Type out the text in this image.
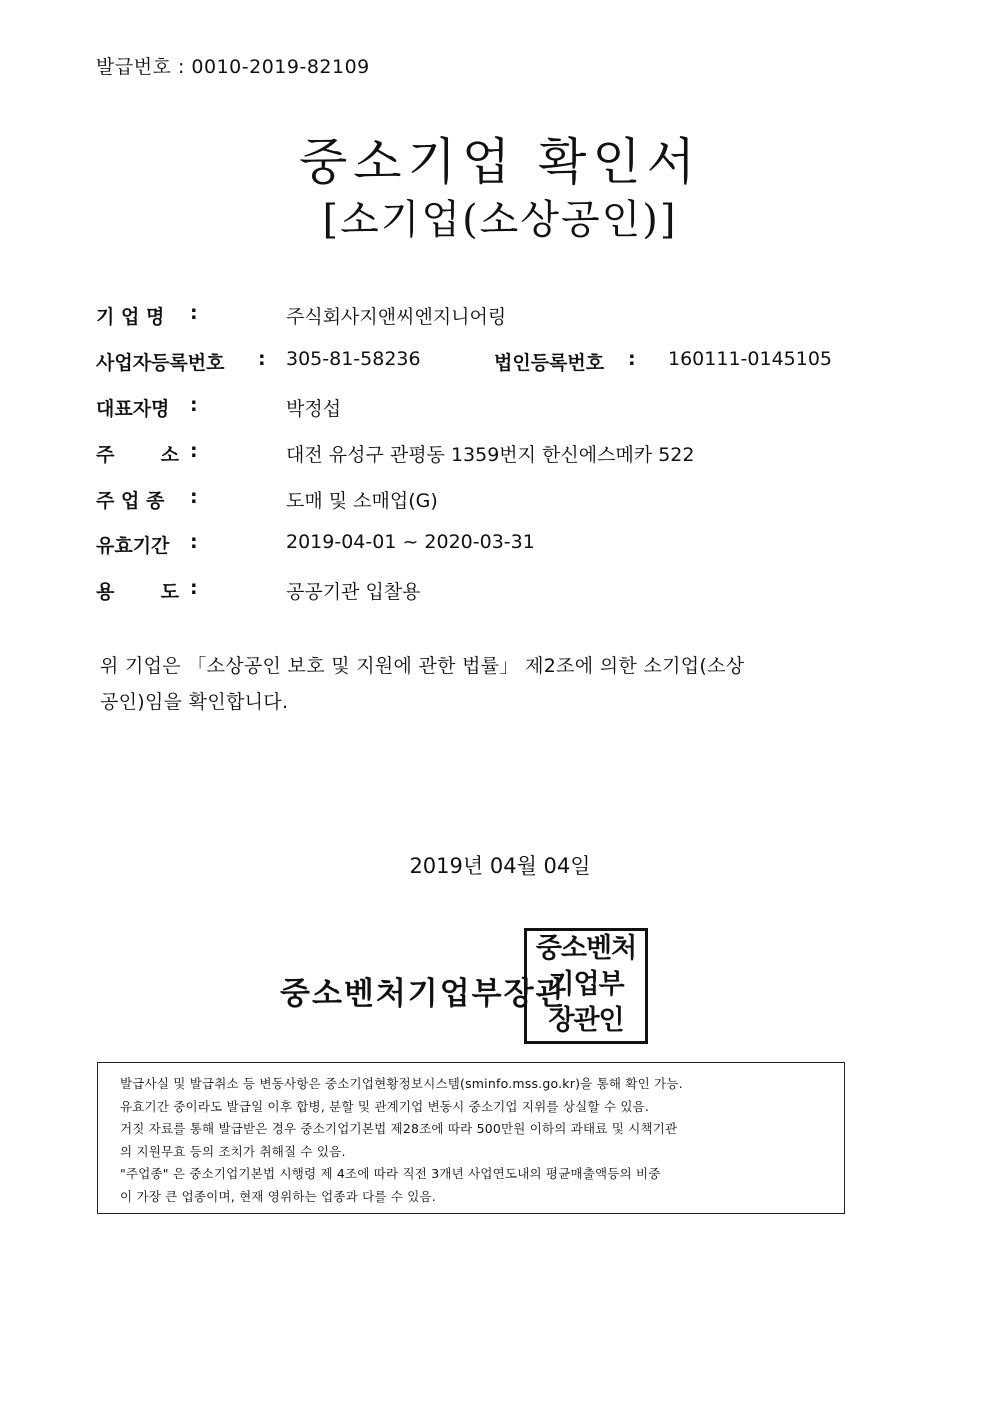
발급번호 : 0010-2019-82109
중소기업 확인서
[소기업(소상공인)]
기 업 명 :	주식회사지앤씨엔지니어링
사업자등록번호 : 305-81-58236	법인등록번호 : 160111-0145105
대표자명 :	박정섭
주       소 :	대전 유성구 관평동 1359번지 한신에스메카 522
주 업 종 :	도매 및 소매업(G)
유효기간 :	2019-04-01 ~ 2020-03-31
용       도 :	공공기관 입찰용
위 기업은 「소상공인 보호 및 지원에 관한 법률」 제2조에 의한 소기업(소상
공인)임을 확인합니다.
2019년 04월 04일
중소벤처기업부장관
중소벤처
기업부
장관인
발급사실 및 발급취소 등 변동사항은 중소기업현황정보시스템(sminfo.mss.go.kr)을 통해 확인 가능.
유효기간 중이라도 발급일 이후 합병, 분할 및 관계기업 변동시 중소기업 지위를 상실할 수 있음.
거짓 자료를 통해 발급받은 경우 중소기업기본법 제28조에 따라 500만원 이하의 과태료 및 시책기관
의 지원무효 등의 조치가 취해질 수 있음.
"주업종" 은 중소기업기본법 시행령 제 4조에 따라 직전 3개년 사업연도내의 평균매출액등의 비중
이 가장 큰 업종이며, 현재 영위하는 업종과 다를 수 있음.
